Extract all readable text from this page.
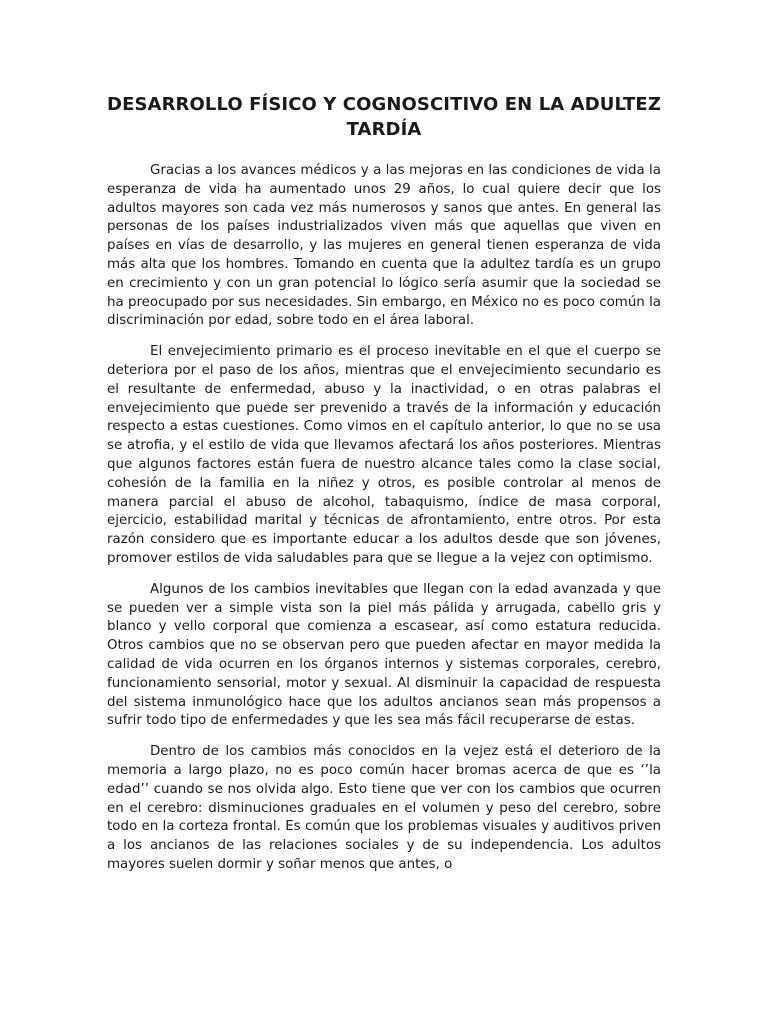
DESARROLLO FÍSICO Y COGNOSCITIVO EN LA ADULTEZ TARDÍA

Gracias a los avances médicos y a las mejoras en las condiciones de vida la esperanza de vida ha aumentado unos 29 años, lo cual quiere decir que los adultos mayores son cada vez más numerosos y sanos que antes. En general las personas de los países industrializados viven más que aquellas que viven en países en vías de desarrollo, y las mujeres en general tienen esperanza de vida más alta que los hombres. Tomando en cuenta que la adultez tardía es un grupo en crecimiento y con un gran potencial lo lógico sería asumir que la sociedad se ha preocupado por sus necesidades. Sin embargo, en México no es poco común la discriminación por edad, sobre todo en el área laboral.

El envejecimiento primario es el proceso inevitable en el que el cuerpo se deteriora por el paso de los años, mientras que el envejecimiento secundario es el resultante de enfermedad, abuso y la inactividad, o en otras palabras el envejecimiento que puede ser prevenido a través de la información y educación respecto a estas cuestiones. Como vimos en el capítulo anterior, lo que no se usa se atrofia, y el estilo de vida que llevamos afectará los años posteriores. Mientras que algunos factores están fuera de nuestro alcance tales como la clase social, cohesión de la familia en la niñez y otros, es posible controlar al menos de manera parcial el abuso de alcohol, tabaquismo, índice de masa corporal, ejercicio, estabilidad marital y técnicas de afrontamiento, entre otros. Por esta razón considero que es importante educar a los adultos desde que son jóvenes, promover estilos de vida saludables para que se llegue a la vejez con optimismo.

Algunos de los cambios inevitables que llegan con la edad avanzada y que se pueden ver a simple vista son la piel más pálida y arrugada, cabello gris y blanco y vello corporal que comienza a escasear, así como estatura reducida. Otros cambios que no se observan pero que pueden afectar en mayor medida la calidad de vida ocurren en los órganos internos y sistemas corporales, cerebro, funcionamiento sensorial, motor y sexual. Al disminuir la capacidad de respuesta del sistema inmunológico hace que los adultos ancianos sean más propensos a sufrir todo tipo de enfermedades y que les sea más fácil recuperarse de estas.

Dentro de los cambios más conocidos en la vejez está el deterioro de la memoria a largo plazo, no es poco común hacer bromas acerca de que es ‘’la edad’’ cuando se nos olvida algo. Esto tiene que ver con los cambios que ocurren en el cerebro: disminuciones graduales en el volumen y peso del cerebro, sobre todo en la corteza frontal. Es común que los problemas visuales y auditivos priven a los ancianos de las relaciones sociales y de su independencia. Los adultos mayores suelen dormir y soñar menos que antes, o
